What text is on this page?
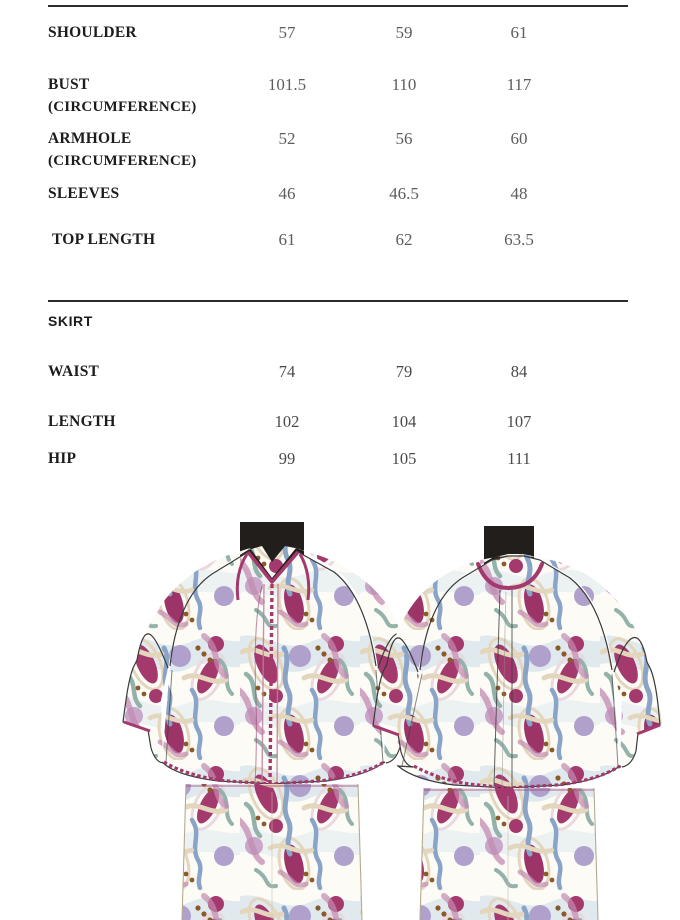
SHOULDER	57	59	61
BUST
(CIRCUMFERENCE)
101.5	110	117
ARMHOLE
(CIRCUMFERENCE)
52	56	60
SLEEVES	46	46.5	48
TOP LENGTH	61	62	63.5
SKIRT
WAIST	74	79	84
LENGTH	102	104	107
HIP	99	105	111
